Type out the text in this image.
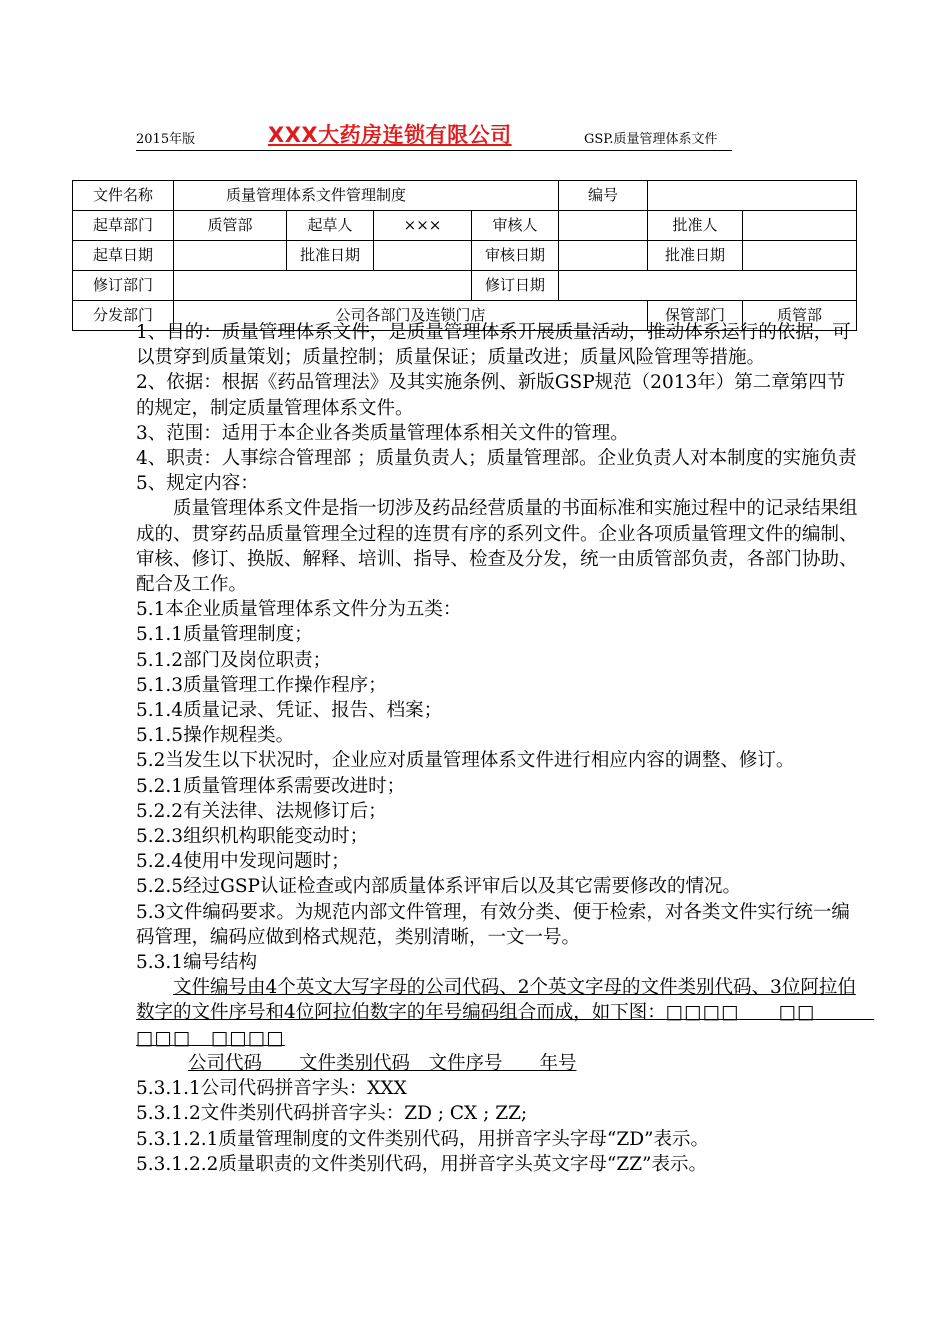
2015年版	XXX大药房连锁有限公司	GSP.质量管理体系文件
文件名称	质量管理体系文件管理制度				编号		
起草部门	质管部	起草人	×××	审核人		批准人	
起草日期		批准日期		审核日期		批准日期	
修订部门				修订日期			
分发部门	公司各部门及连锁门店					保管部门	质管部

1、目的：质量管理体系文件，是质量管理体系开展质量活动，推动体系运行的依据，可以贯穿到质量策划；质量控制；质量保证；质量改进；质量风险管理等措施。

2、依据：根据《药品管理法》及其实施条例、新版GSP规范（2013年）第二章第四节的规定，制定质量管理体系文件。

3、范围：适用于本企业各类质量管理体系相关文件的管理。

4、职责：人事综合管理部 ；质量负责人；质量管理部。企业负责人对本制度的实施负责

5、规定内容：

质量管理体系文件是指一切涉及药品经营质量的书面标准和实施过程中的记录结果组成的、贯穿药品质量管理全过程的连贯有序的系列文件。企业各项质量管理文件的编制、审核、修订、换版、解释、培训、指导、检查及分发，统一由质管部负责，各部门协助、配合及工作。

5.1本企业质量管理体系文件分为五类：

5.1.1质量管理制度；

5.1.2部门及岗位职责；

5.1.3质量管理工作操作程序；

5.1.4质量记录、凭证、报告、档案；

5.1.5操作规程类。

5.2当发生以下状况时，企业应对质量管理体系文件进行相应内容的调整、修订。

5.2.1质量管理体系需要改进时；

5.2.2有关法律、法规修订后；

5.2.3组织机构职能变动时；

5.2.4使用中发现问题时；

5.2.5经过GSP认证检查或内部质量体系评审后以及其它需要修改的情况。

5.3文件编码要求。为规范内部文件管理，有效分类、便于检索，对各类文件实行统一编码管理，编码应做到格式规范，类别清晰，一文一号。

5.3.1编号结构

文件编号由4个英文大写字母的公司代码、2个英文字母的文件类别代码、3位阿拉伯数字的文件序号和4位阿拉伯数字的年号编码组合而成，如下图：□□□□　　□□　　　□□□　□□□□

公司代码　　文件类别代码　文件序号　　年号

5.3.1.1公司代码拼音字头：XXX

5.3.1.2文件类别代码拼音字头：ZD ; CX ; ZZ;

5.3.1.2.1质量管理制度的文件类别代码，用拼音字头字母“ZD”表示。

5.3.1.2.2质量职责的文件类别代码，用拼音字头英文字母“ZZ”表示。
